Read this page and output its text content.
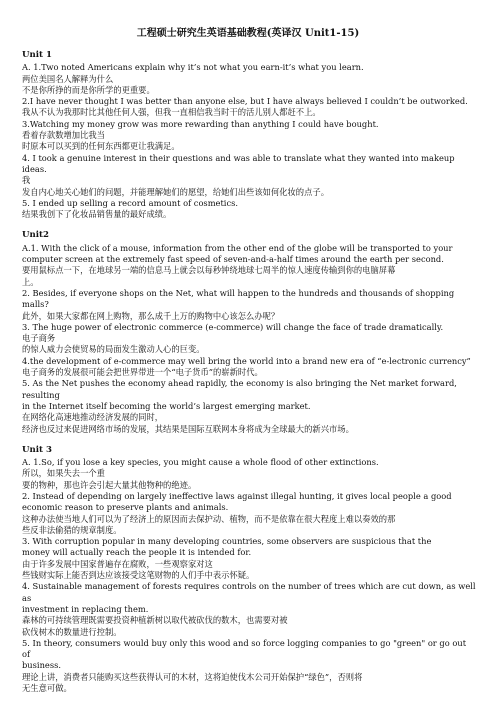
工程硕士研究生英语基础教程(英译汉 Unit1-15)
Unit 1

A. 1.Two noted Americans explain why it’s not what you earn-it’s what you learn.
两位美国名人解释为什么
不是你所挣的而是你所学的更重要。

2.I have never thought I was better than anyone else, but I have always believed I couldn’t be outworked.
我从不认为我那时比其他任何人强，但我一直相信我当时干的活儿别人都赶不上。

3.Watching my money grow was more rewarding than anything I could have bought.
看着存款数增加比我当
时原本可以买到的任何东西都更让我满足。

4. I took a genuine interest in their questions and was able to translate what they wanted into makeup ideas.
我
发自内心地关心她们的问题，并能理解她们的愿望，给她们出些该如何化妆的点子。

5. I ended up selling a record amount of cosmetics.
结果我创下了化妆品销售量的最好成绩。

Unit2

A.1. With the click of a mouse, information from the other end of the globe will be transported to your
computer screen at the extremely fast speed of seven-and-a-half times around the earth per second.
要用鼠标点一下，在地球另一端的信息马上就会以每秒钟绕地球七周半的惊人速度传输到你的电脑屏幕
上。

2. Besides, if everyone shops on the Net, what will happen to the hundreds and thousands of shopping malls?
此外，如果大家都在网上购物，那么成千上万的购物中心该怎么办呢？

3. The huge power of electronic commerce (e-commerce) will change the face of trade dramatically.
电子商务
的惊人威力会使贸易的局面发生激动人心的巨变。

4.the development of e-commerce may well bring the world into a brand new era of “e-lectronic currency”
电子商务的发展很可能会把世界带进一个“电子货币”的崭新时代。

5. As the Net pushes the economy ahead rapidly, the economy is also bringing the Net market forward, resulting
in the Internet itself becoming the world’s largest emerging market.
在网络化高速地推动经济发展的同时，
经济也反过来促进网络市场的发展，其结果是国际互联网本身将成为全球最大的新兴市场。

Unit 3

A. 1.So, if you lose a key species, you might cause a whole flood of other extinctions.
所以，如果失去一个重
要的物种，那也许会引起大量其他物种的绝迹。

2. Instead of depending on largely ineffective laws against illegal hunting, it gives local people a good
economic reason to preserve plants and animals.
这种办法使当地人们可以为了经济上的原因而去保护动、植物，而不是依靠在很大程度上难以奏效的那
些反非法偷猎的规章制度。

3. With corruption popular in many developing countries, some observers are suspicious that the
money will actually reach the people it is intended for.
由于许多发展中国家普遍存在腐败，一些观察家对这
些钱财实际上能否到达应该接受这笔财物的人们手中表示怀疑。

4. Sustainable management of forests requires controls on the number of trees which are cut down, as well as
investment in replacing them.
森林的可持续管理既需要投资种植新树以取代被砍伐的数木，也需要对被
砍伐树木的数量进行控制。

5. In theory, consumers would buy only this wood and so force logging companies to go "green" or go out of
business.
理论上讲，消费者只能购买这些获得认可的木材，这将迫使伐木公司开始保护“绿色”，否则将
无生意可做。
